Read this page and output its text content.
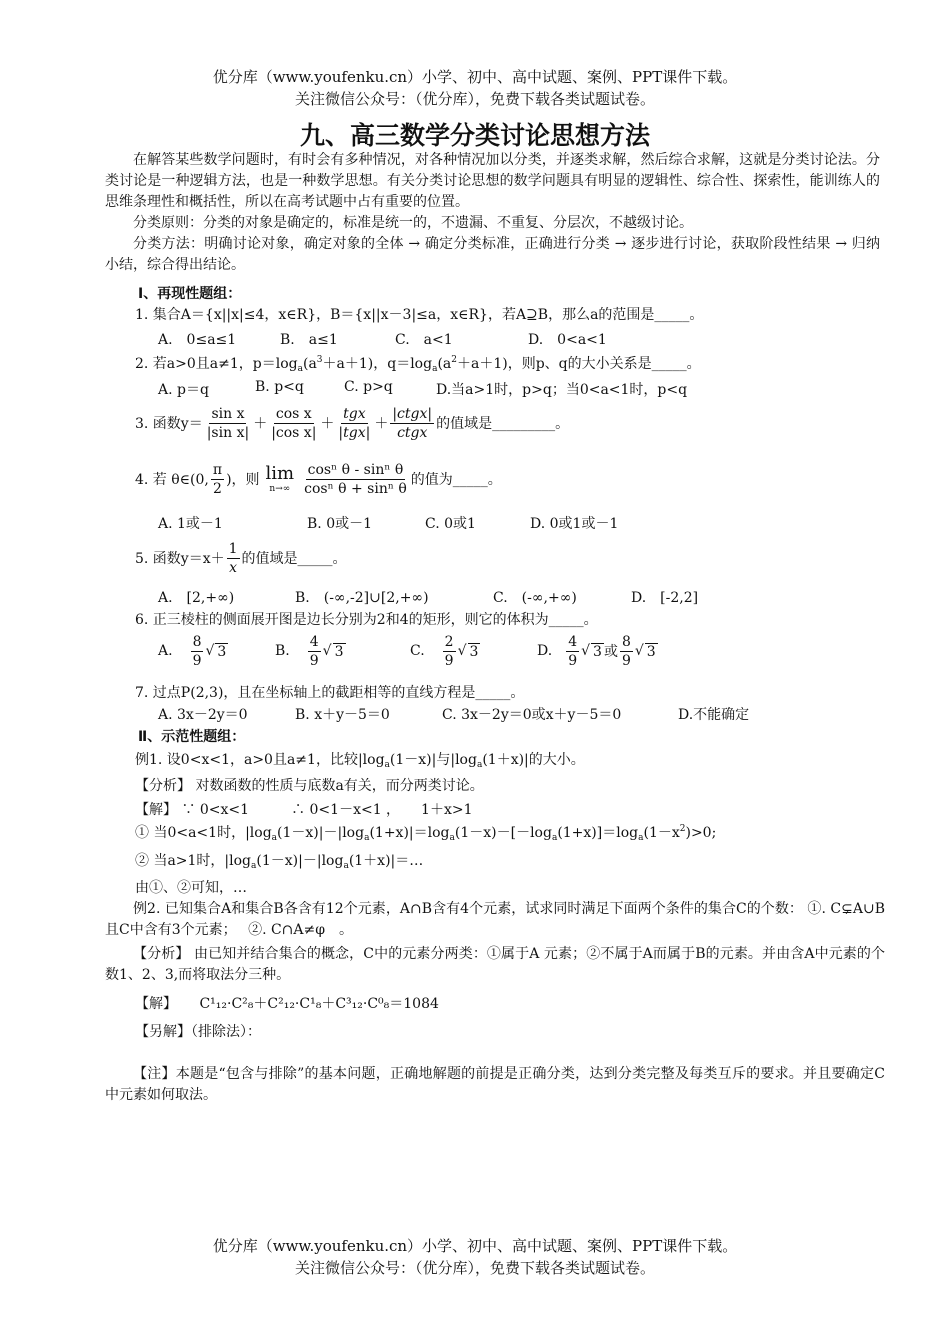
优分库（www.youfenku.cn）小学、初中、高中试题、案例、PPT课件下载。
关注微信公众号：（优分库），免费下载各类试题试卷。
九、高三数学分类讨论思想方法

在解答某些数学问题时，有时会有多种情况，对各种情况加以分类，并逐类求解，然后综合求解，这就是分类讨论法。分类讨论是一种逻辑方法，也是一种数学思想。有关分类讨论思想的数学问题具有明显的逻辑性、综合性、探索性，能训练人的思维条理性和概括性，所以在高考试题中占有重要的位置。

分类原则：分类的对象是确定的，标准是统一的，不遗漏、不重复、分层次，不越级讨论。

分类方法：明确讨论对象，确定对象的全体 → 确定分类标准，正确进行分类 → 逐步进行讨论，获取阶段性结果 → 归纳小结，综合得出结论。

Ⅰ、再现性题组：
1. 集合A＝{x||x|≤4，x∈R}，B＝{x||x－3|≤a，x∈R}，若A⊇B，那么a的范围是_____。
A.　0≤a≤1	B.　a≤1	C.　a<1	D.　0<a<1
2. 若a>0且a≠1，$p=\log_a(a^3+a+1)$，$q=\log_a(a^2+a+1)$，则p、q的大小关系是_____。
A. p＝q	B. p<q	C. p>q	D.当a>1时，p>q；当0<a<1时，p<q
3. 函数$y= \frac{\text{sin x}}{\text{|sin x|}} + \frac{\text{cos x}}{\text{|cos x|}} + \frac{\text{tgx}}{\text{|tgx|}} + \frac{\text{|ctgx|}}{\text{ctgx}}$ 的值域是_________。
4. 若 θ∈(0, $\frac{\pi}{2}$ )，则 lim
$n\to\infty \frac{\text{cosⁿ θ - sinⁿ θ}}{\text{cosⁿ θ + sinⁿ θ}}$ 的值为_____。
A. 1或－1	B. 0或－1	C. 0或1	D. 0或1或－1
5. 函数$y=x+ \frac{1}{x}$ 的值域是_____。
A.　[2,+∞)	B.　(-∞,-2]∪[2,+∞)	C.　(-∞,+∞)	D.　[-2,2]
6. 正三棱柱的侧面展开图是边长分别为2和4的矩形，则它的体积为_____。
A. $\frac{8}{9}$ √ 3	B. $\frac{4}{9}$ √ 3	C. $\frac{2}{9}$ √ 3	D. $\frac{4}{9}$ √ 3 或 $\frac{8}{9}$ √ 3
7. 过点P(2,3)，且在坐标轴上的截距相等的直线方程是_____。
A. 3x－2y＝0	B. x＋y－5＝0	C. 3x－2y＝0或x＋y－5＝0	D.不能确定
Ⅱ、示范性题组：
例1. 设0<x<1，a>0且a≠1，比较$|\log_a(1-x)|$与$|\log_a(1+x)|$的大小。
【分析】 对数函数的性质与底数a有关，而分两类讨论。
【解】 ∵ 0<x<1　　　∴ 0<1－x<1 ，　　1＋x>1
① 当0<a<1时，$|\log_a(1-x)|-|\log_a(1+x)|=\log_a(1-x)-[-\log_a(1+x)]=\log_a(1-x^2)>0$;
② 当a>1时，$|\log_a(1-x)|-|\log_a(1+x)|=\dots$
由①、②可知，…

例2. 已知集合A和集合B各含有12个元素，A∩B含有4个元素，试求同时满足下面两个条件的集合C的个数： ①. C⊊A∪B且C中含有3个元素；　 ②. C∩A≠φ　。

【分析】 由已知并结合集合的概念，C中的元素分两类：①属于A 元素；②不属于A而属于B的元素。并由含A中元素的个数1、2、3,而将取法分三种。

【解】 C¹₁₂·C²₈＋C²₁₂·C¹₈＋C³₁₂·C⁰₈＝1084
【另解】（排除法）：

【注】本题是“包含与排除”的基本问题，正确地解题的前提是正确分类，达到分类完整及每类互斥的要求。并且要确定C中元素如何取法。

优分库（www.youfenku.cn）小学、初中、高中试题、案例、PPT课件下载。
关注微信公众号：（优分库），免费下载各类试题试卷。
